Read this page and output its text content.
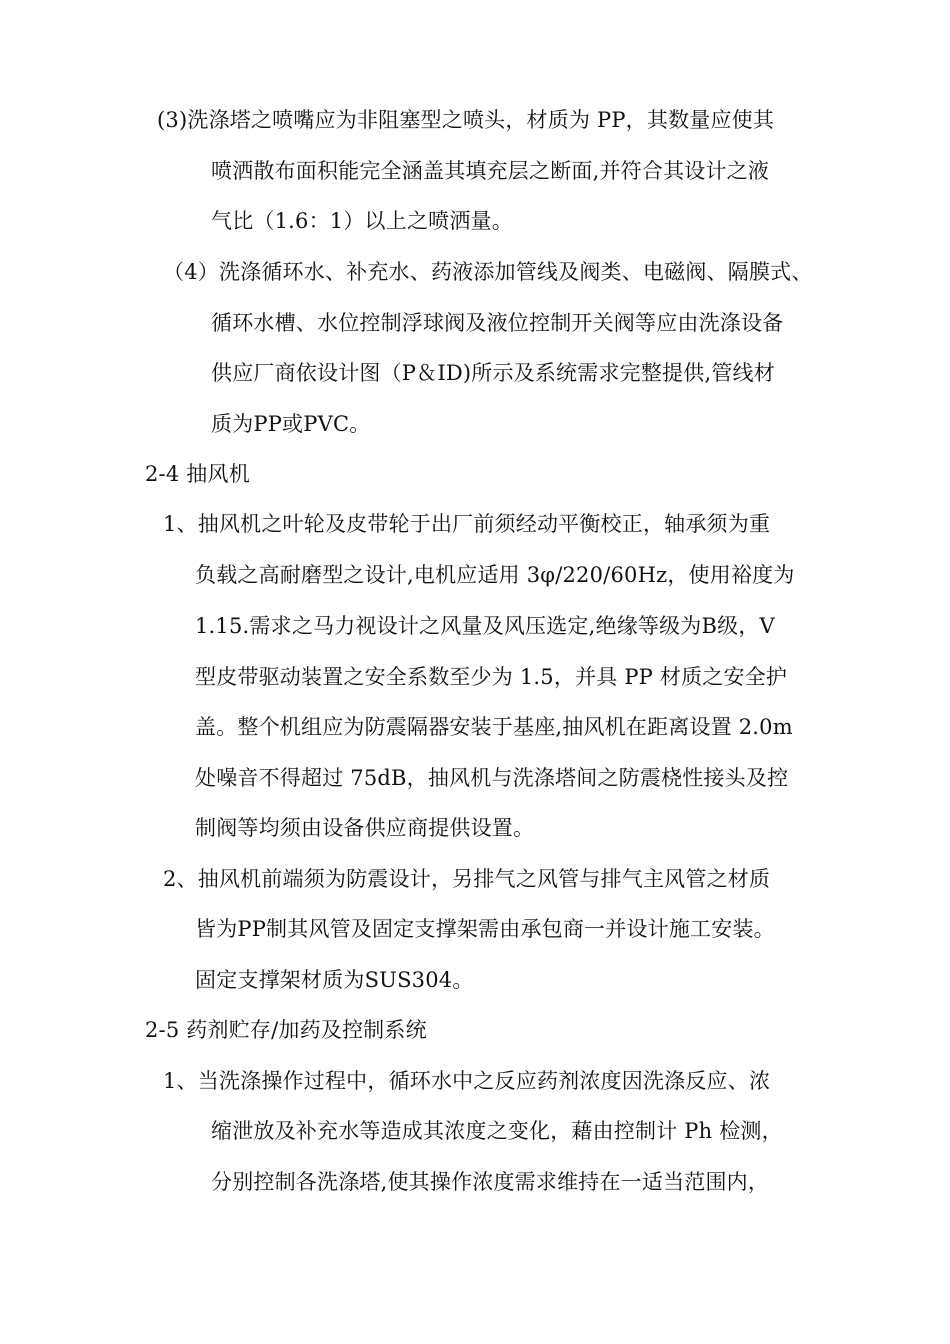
(3)洗涤塔之喷嘴应为非阻塞型之喷头，材质为 PP，其数量应使其
喷洒散布面积能完全涵盖其填充层之断面,并符合其设计之液
气比（1.6：1）以上之喷洒量。
（4）洗涤循环水、补充水、药液添加管线及阀类、电磁阀、隔膜式、
循环水槽、水位控制浮球阀及液位控制开关阀等应由洗涤设备
供应厂商依设计图（P＆ID)所示及系统需求完整提供,管线材
质为PP或PVC。
2-4 抽风机
1、抽风机之叶轮及皮带轮于出厂前须经动平衡校正，轴承须为重
负载之高耐磨型之设计,电机应适用 3φ/220/60Hz，使用裕度为
1.15.需求之马力视设计之风量及风压选定,绝缘等级为B级，V
型皮带驱动装置之安全系数至少为 1.5，并具 PP 材质之安全护
盖。整个机组应为防震隔器安装于基座,抽风机在距离设置 2.0m
处噪音不得超过 75dB，抽风机与洗涤塔间之防震桡性接头及控
制阀等均须由设备供应商提供设置。
2、抽风机前端须为防震设计，另排气之风管与排气主风管之材质
皆为PP制其风管及固定支撑架需由承包商一并设计施工安装。
固定支撑架材质为SUS304。
2-5 药剂贮存/加药及控制系统
1、当洗涤操作过程中，循环水中之反应药剂浓度因洗涤反应、浓
缩泄放及补充水等造成其浓度之变化，藉由控制计 Ph 检测，
分别控制各洗涤塔,使其操作浓度需求维持在一适当范围内，
